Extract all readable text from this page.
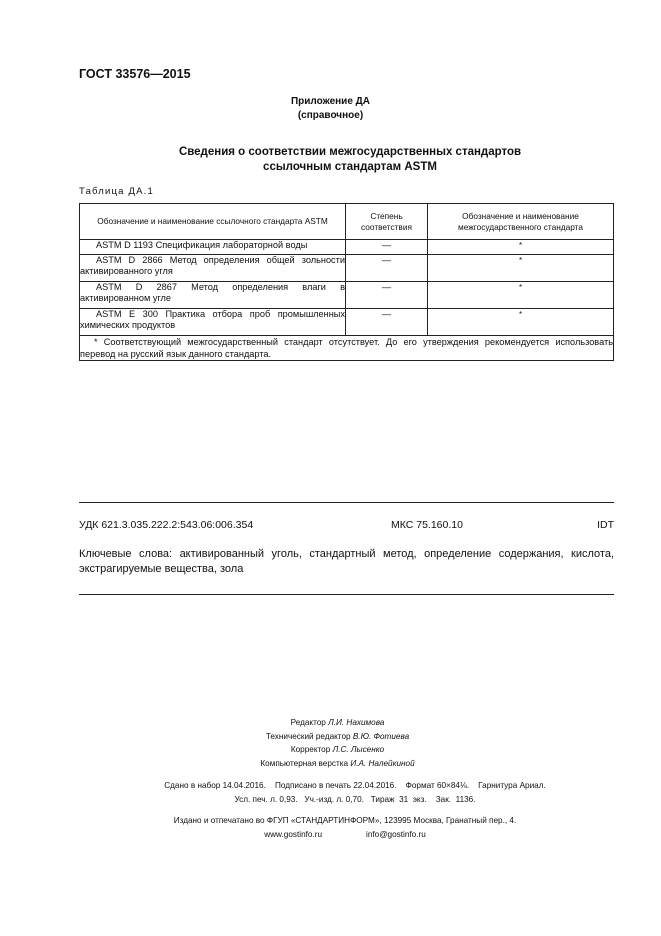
ГОСТ 33576—2015
Приложение ДА
(справочное)
Сведения о соответствии межгосударственных стандартов
ссылочным стандартам ASTM
Таблица ДА.1
Обозначение и наименование ссылочного стандарта ASTM	Степень соответствия	Обозначение и наименование межгосударственного стандарта

ASTM D 1193 Спецификация лабораторной воды	—	*

ASTM D 2866 Метод определения общей зольности активированного угля	—	*

ASTM D 2867 Метод определения влаги в активированном угле	—	*

ASTM E 300 Практика отбора проб промышленных химических продуктов	—	*
* Соответствующий межгосударственный стандарт отсутствует. До его утверждения рекомендуется использовать перевод на русский язык данного стандарта.		
УДК 621.3.035.222.2:543.06:006.354	МКС 75.160.10	IDT
Ключевые слова: активированный уголь, стандартный метод, определение содержания, кислота, экстрагируемые вещества, зола
Редактор Л.И. Нахимова
Технический редактор В.Ю. Фотиева
Корректор Л.С. Лысенко
Компьютерная верстка И.А. Налейкиной
Сдано в набор 14.04.2016.    Подписано в печать 22.04.2016.    Формат 60×84⅛.    Гарнитура Ариал.
Усл. печ. л. 0,93.   Уч.-изд. л. 0,70.   Тираж  31  экз.    Зак.  1136.
Издано и отпечатано во ФГУП «СТАНДАРТИНФОРМ», 123995 Москва, Гранатный пер., 4.
www.gostinfo.ru	info@gostinfo.ru
